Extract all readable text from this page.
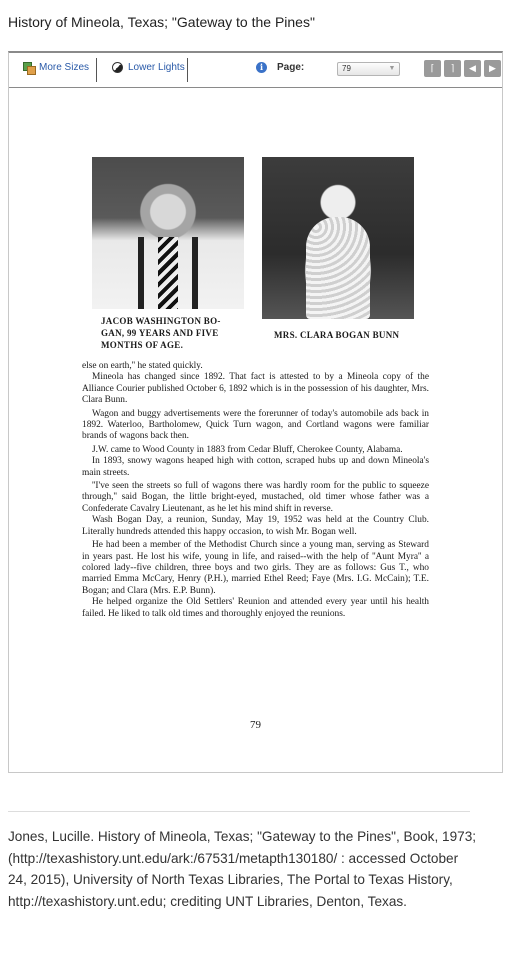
History of Mineola, Texas; "Gateway to the Pines"
More Sizes	Lower Lights	i	Page:	79	▼	⌈	⌉	◀	▶
JACOB WASHINGTON BO-GAN, 99 YEARS AND FIVE MONTHS OF AGE.
MRS. CLARA BOGAN BUNN

else on earth,'' he stated quickly.

Mineola has changed since 1892. That fact is attested to by a Mineola copy of the Alliance Courier published October 6, 1892 which is in the possession of his daughter, Mrs. Clara Bunn.

Wagon and buggy advertisements were the forerunner of today's automobile ads back in 1892. Waterloo, Bartholomew, Quick Turn wagon, and Cortland wagons were familiar brands of wagons back then.

J.W. came to Wood County in 1883 from Cedar Bluff, Cherokee County, Alabama.

In 1893, snowy wagons heaped high with cotton, scraped hubs up and down Mineola's main streets.

''I've seen the streets so full of wagons there was hardly room for the public to squeeze through,'' said Bogan, the little bright-eyed, mustached, old timer whose father was a Confederate Cavalry Lieutenant, as he let his mind shift in reverse.

Wash Bogan Day, a reunion, Sunday, May 19, 1952 was held at the Country Club. Literally hundreds attended this happy occasion, to wish Mr. Bogan well.

He had been a member of the Methodist Church since a young man, serving as Steward in years past. He lost his wife, young in life, and raised--with the help of ''Aunt Myra'' a colored lady--five children, three boys and two girls. They are as follows: Gus T., who married Emma McCary, Henry (P.H.), married Ethel Reed; Faye (Mrs. I.G. McCain); T.E. Bogan; and Clara (Mrs. E.P. Bunn).

He helped organize the Old Settlers' Reunion and attended every year until his health failed. He liked to talk old times and thoroughly enjoyed the reunions.

79
Jones, Lucille. History of Mineola, Texas; "Gateway to the Pines", Book, 1973; (http://texashistory.unt.edu/ark:/67531/metapth130180/ : accessed October 24, 2015), University of North Texas Libraries, The Portal to Texas History, http://texashistory.unt.edu; crediting UNT Libraries, Denton, Texas.
